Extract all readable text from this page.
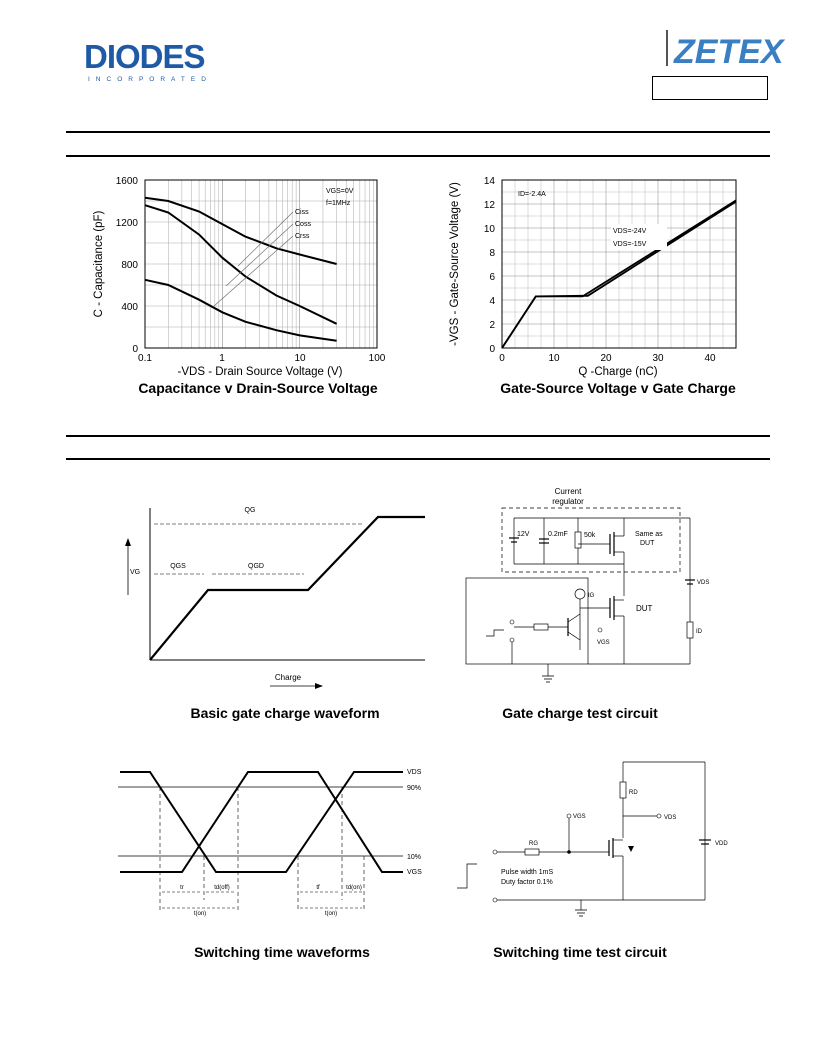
DIODES
INCORPORATED
ZETEX
1600
1200
800
400
0
0.1	1	10	100
-VDS - Drain Source Voltage (V)
C - Capacitance (pF)
VGS=0V
f=1MHz
Ciss
Coss
Crss
Capacitance v Drain-Source Voltage
14
12
10
8
6
4
2
0
0	10	20	30	40
Q -Charge (nC)
-VGS - Gate-Source Voltage (V)	ID=-2.4A
VDS=-24V
VDS=-15V
Gate-Source Voltage v Gate Charge
VG
QG
QGS	QGD
Charge
Basic gate charge waveform
Current
regulator
12V	0.2mF 50k	Same as
DUT
VDS
ID
IG
DUT
VGS
Gate charge test circuit
VDS
90%
10%
VGS
tr	td(off)
t(on)
tf	td(on)
t(on)
Switching time waveforms
RD
VDS
VDD
RG
VGS
Pulse width 1mS
Duty factor 0.1%
Switching time test circuit
